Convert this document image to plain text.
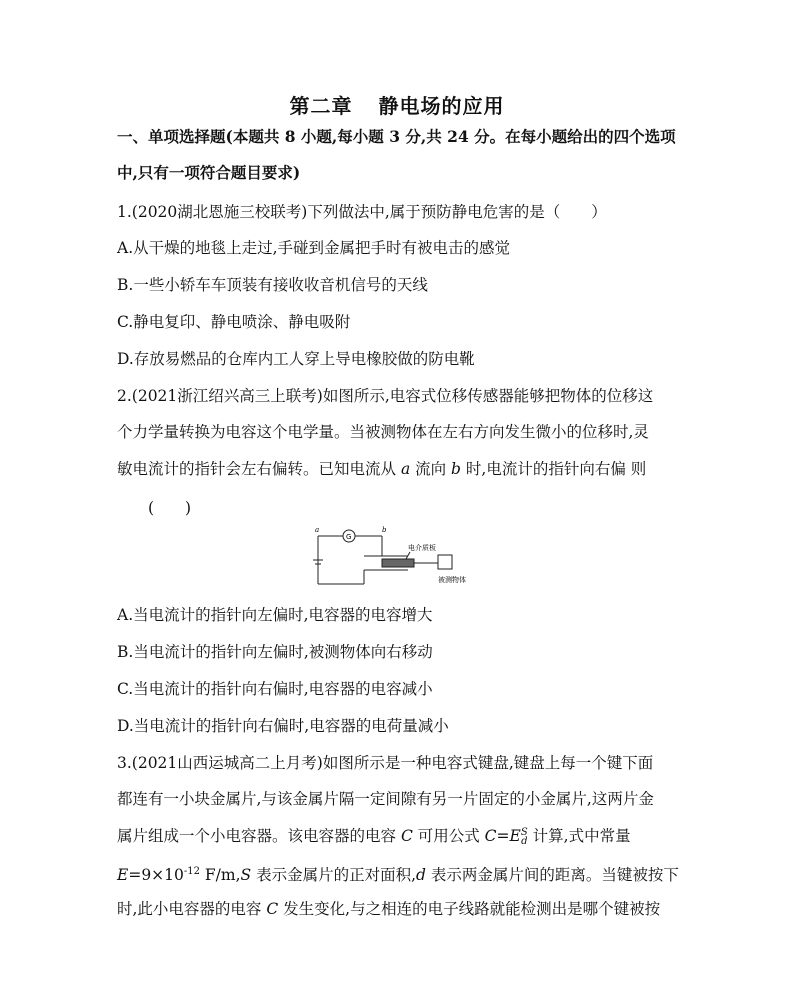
第二章 静电场的应用
一、单项选择题(本题共 8 小题,每小题 3 分,共 24 分。在每小题给出的四个选项
中,只有一项符合题目要求)
1.(2020湖北恩施三校联考)下列做法中,属于预防静电危害的是（　　）
A.从干燥的地毯上走过,手碰到金属把手时有被电击的感觉
B.一些小轿车车顶装有接收收音机信号的天线
C.静电复印、静电喷涂、静电吸附
D.存放易燃品的仓库内工人穿上导电橡胶做的防电靴
2.(2021浙江绍兴高三上联考)如图所示,电容式位移传感器能够把物体的位移这
个力学量转换为电容这个电学量。当被测物体在左右方向发生微小的位移时,灵
敏电流计的指针会左右偏转。已知电流从 a 流向 b 时,电流计的指针向右偏 则
(　　)
a	b
G
电介质板
被测物体
A.当电流计的指针向左偏时,电容器的电容增大
B.当电流计的指针向左偏时,被测物体向右移动
C.当电流计的指针向右偏时,电容器的电容减小
D.当电流计的指针向右偏时,电容器的电荷量减小
3.(2021山西运城高二上月考)如图所示是一种电容式键盘,键盘上每一个键下面
都连有一小块金属片,与该金属片隔一定间隙有另一片固定的小金属片,这两片金
属片组成一个小电容器。该电容器的电容 C 可用公式 C=ES
d 计算,式中常量
$E=9\times 10^{-12}$ F/m,S 表示金属片的正对面积,d 表示两金属片间的距离。当键被按下
时,此小电容器的电容 C 发生变化,与之相连的电子线路就能检测出是哪个键被按
